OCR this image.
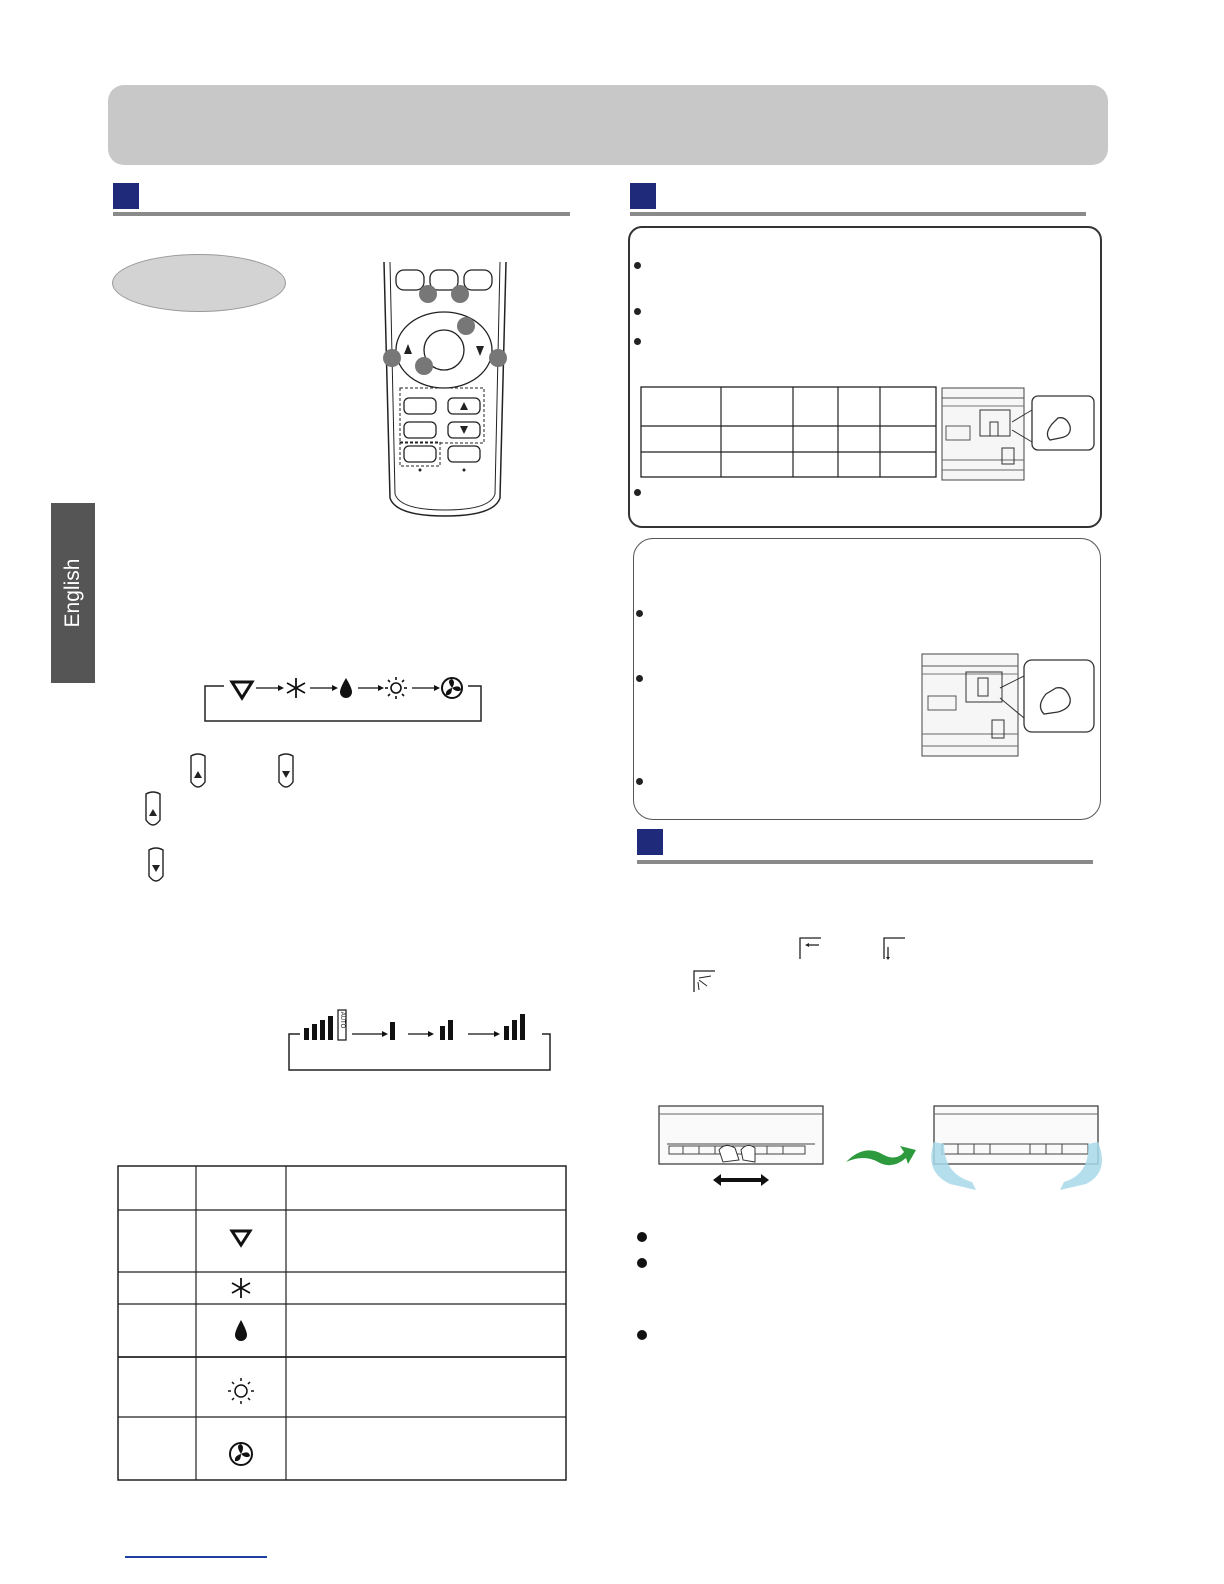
English
AUTO
